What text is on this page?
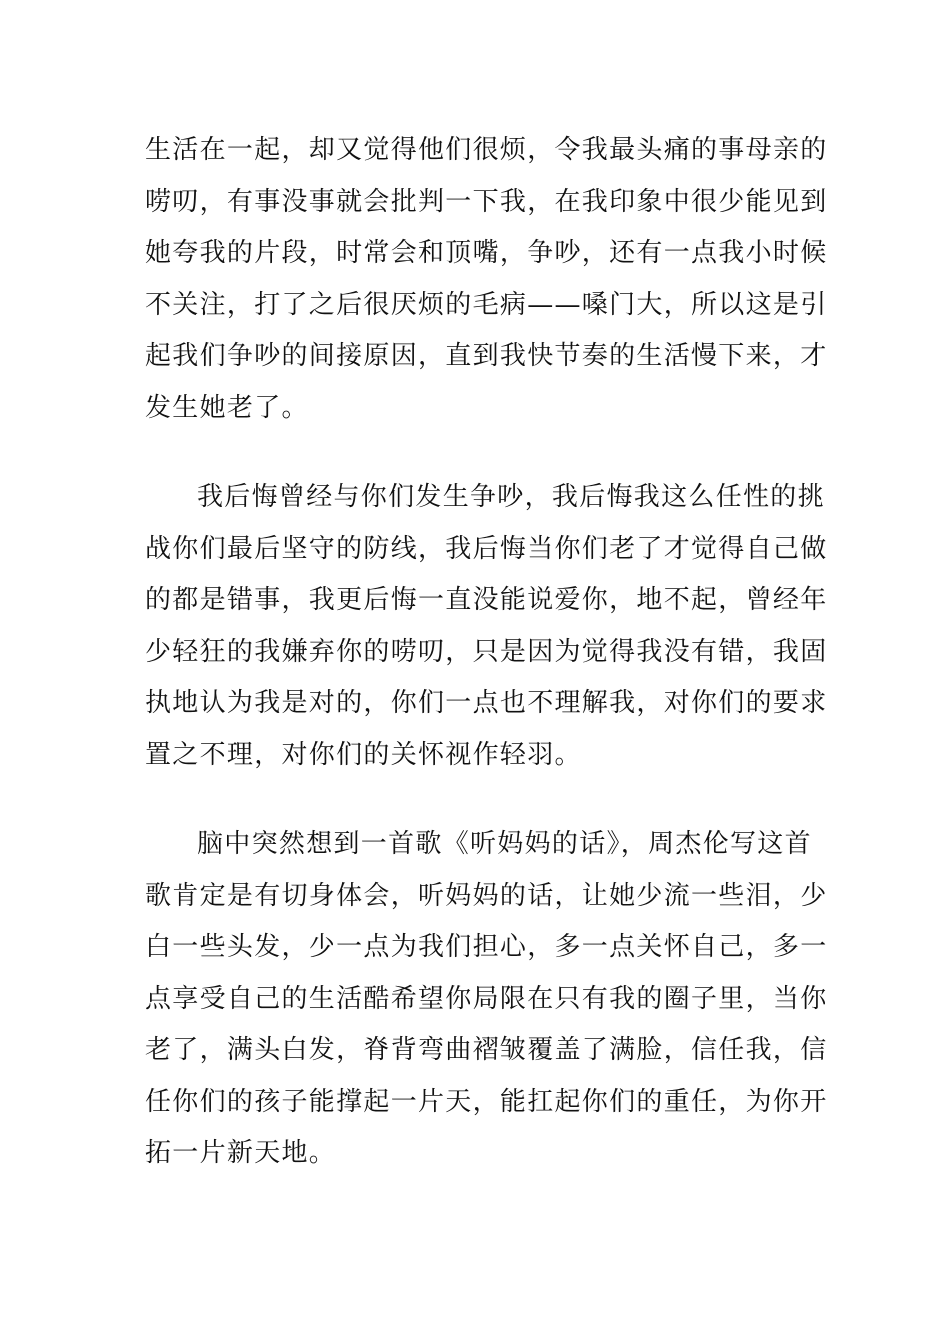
生活在一起，却又觉得他们很烦，令我最头痛的事母亲的
唠叨，有事没事就会批判一下我，在我印象中很少能见到
她夸我的片段，时常会和顶嘴，争吵，还有一点我小时候
不关注，打了之后很厌烦的毛病——嗓门大，所以这是引
起我们争吵的间接原因，直到我快节奏的生活慢下来，才
发生她老了。
我后悔曾经与你们发生争吵，我后悔我这么任性的挑
战你们最后坚守的防线，我后悔当你们老了才觉得自己做
的都是错事，我更后悔一直没能说爱你，地不起，曾经年
少轻狂的我嫌弃你的唠叨，只是因为觉得我没有错，我固
执地认为我是对的，你们一点也不理解我，对你们的要求
置之不理，对你们的关怀视作轻羽。
脑中突然想到一首歌《听妈妈的话》，周杰伦写这首
歌肯定是有切身体会，听妈妈的话，让她少流一些泪，少
白一些头发，少一点为我们担心，多一点关怀自己，多一
点享受自己的生活酷希望你局限在只有我的圈子里，当你
老了，满头白发，脊背弯曲褶皱覆盖了满脸，信任我，信
任你们的孩子能撑起一片天，能扛起你们的重任，为你开
拓一片新天地。
